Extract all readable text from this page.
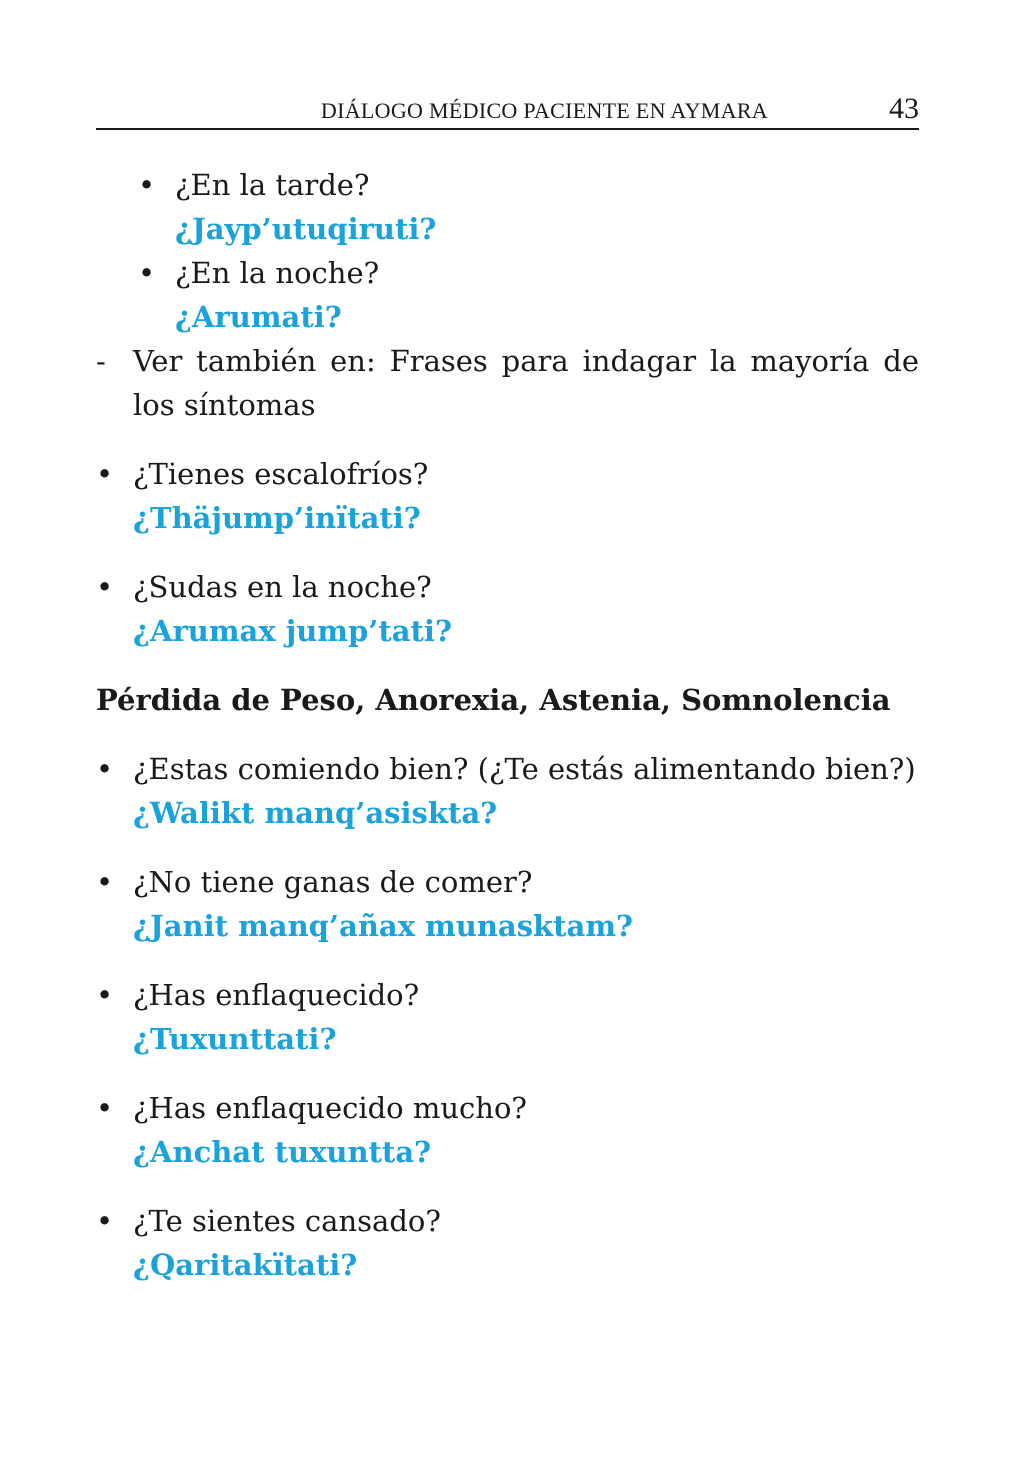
DIÁLOGO MÉDICO PACIENTE EN AYMARA	43
• ¿En la tarde?
¿Jayp’utuqiruti?
• ¿En la noche?
¿Arumati?
- Ver también en: Frases para indagar la mayoría de los síntomas
• ¿Tienes escalofríos?
¿Thäjump’inïtati?
• ¿Sudas en la noche?
¿Arumax jump’tati?
Pérdida de Peso, Anorexia, Astenia, Somnolencia
• ¿Estas comiendo bien? (¿Te estás alimentando bien?)
¿Walikt manq’asiskta?
• ¿No tiene ganas de comer?
¿Janit manq’añax munasktam?
• ¿Has enflaquecido?
¿Tuxunttati?
• ¿Has enflaquecido mucho?
¿Anchat tuxuntta?
• ¿Te sientes cansado?
¿Qaritakïtati?
